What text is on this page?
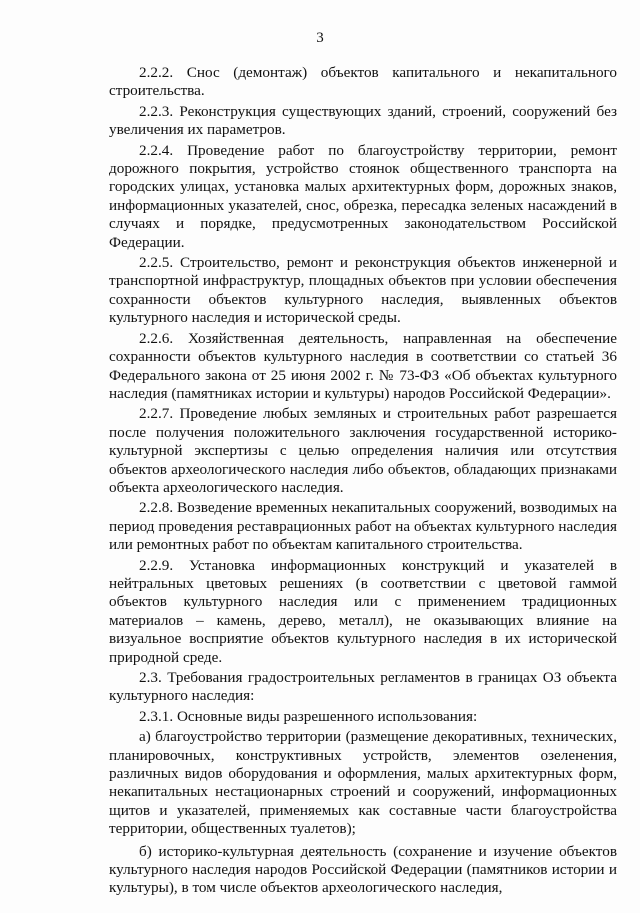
3

2.2.2. Снос (демонтаж) объектов капитального и некапитального строительства.

2.2.3. Реконструкция существующих зданий, строений, сооружений без увеличения их параметров.

2.2.4. Проведение работ по благоустройству территории, ремонт дорожного покрытия, устройство стоянок общественного транспорта на городских улицах, установка малых архитектурных форм, дорожных знаков, информационных указателей, снос, обрезка, пересадка зеленых насаждений в случаях и порядке, предусмотренных законодательством Российской Федерации.

2.2.5. Строительство, ремонт и реконструкция объектов инженерной и транспортной инфраструктур, площадных объектов при условии обеспечения сохранности объектов культурного наследия, выявленных объектов культурного наследия и исторической среды.

2.2.6. Хозяйственная деятельность, направленная на обеспечение сохранности объектов культурного наследия в соответствии со статьей 36 Федерального закона от 25 июня 2002 г. № 73-ФЗ «Об объектах культурного наследия (памятниках истории и культуры) народов Российской Федерации».

2.2.7. Проведение любых земляных и строительных работ разрешается после получения положительного заключения государственной историко-культурной экспертизы с целью определения наличия или отсутствия объектов археологического наследия либо объектов, обладающих признаками объекта археологического наследия.

2.2.8. Возведение временных некапитальных сооружений, возводимых на период проведения реставрационных работ на объектах культурного наследия или ремонтных работ по объектам капитального строительства.

2.2.9. Установка информационных конструкций и указателей в нейтральных цветовых решениях (в соответствии с цветовой гаммой объектов культурного наследия или с применением традиционных материалов – камень, дерево, металл), не оказывающих влияние на визуальное восприятие объектов культурного наследия в их исторической природной среде.

2.3. Требования градостроительных регламентов в границах ОЗ объекта культурного наследия:

2.3.1. Основные виды разрешенного использования:

а) благоустройство территории (размещение декоративных, технических, планировочных, конструктивных устройств, элементов озеленения, различных видов оборудования и оформления, малых архитектурных форм, некапитальных нестационарных строений и сооружений, информационных щитов и указателей, применяемых как составные части благоустройства территории, общественных туалетов);

б) историко-культурная деятельность (сохранение и изучение объектов культурного наследия народов Российской Федерации (памятников истории и культуры), в том числе объектов археологического наследия,
